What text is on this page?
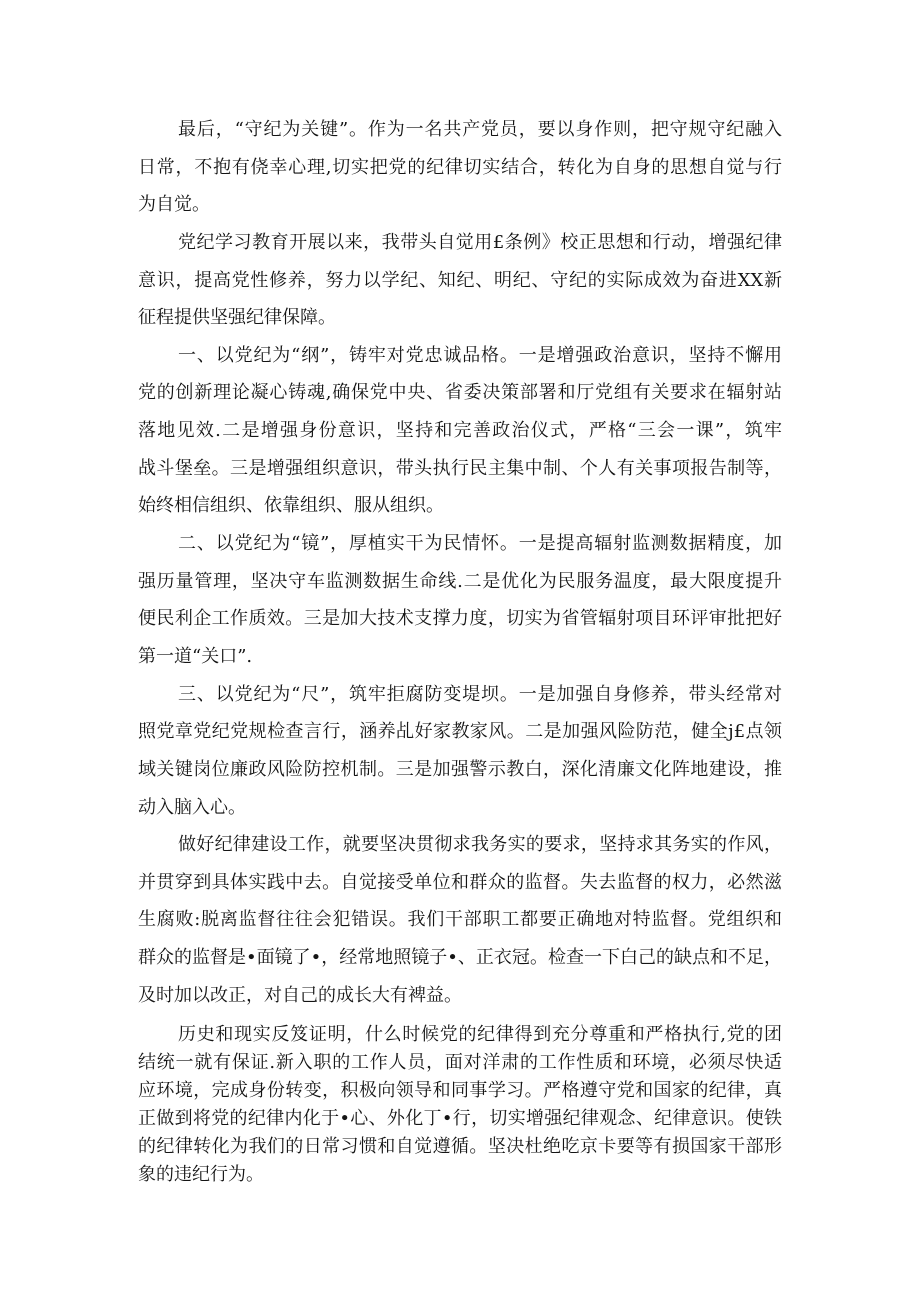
最后，“守纪为关键”。作为一名共产党员，要以身作则，把守规守纪融入
日常，不抱有侥幸心理,切实把党的纪律切实结合，转化为自身的思想自觉与行
为自觉。
党纪学习教育开展以来，我带头自觉用£条例》校正思想和行动，增强纪律
意识，提高党性修养，努力以学纪、知纪、明纪、守纪的实际成效为奋进XX新
征程提供坚强纪律保障。
一、以党纪为“纲”，铸牢对党忠诚品格。一是增强政治意识，坚持不懈用
党的创新理论凝心铸魂,确保党中央、省委决策部署和厅党组有关要求在辐射站
落地见效.二是增强身份意识，坚持和完善政治仪式，严格“三会一课”，筑牢
战斗堡垒。三是增强组织意识，带头执行民主集中制、个人有关事项报告制等，
始终相信组织、依靠组织、服从组织。
二、以党纪为“镜”，厚植实干为民情怀。一是提高辐射监测数据精度，加
强历量管理，坚决守车监测数据生命线.二是优化为民服务温度，最大限度提升
便民利企工作质效。三是加大技术支撑力度，切实为省管辐射项目环评审批把好
第一道“关口”.
三、以党纪为“尺”，筑牢拒腐防变堤坝。一是加强自身修养，带头经常对
照党章党纪党规检查言行，涵养乩好家教家风。二是加强风险防范，健全j£点领
域关键岗位廉政风险防控机制。三是加强警示教白，深化清廉文化阵地建设，推
动入脑入心。
做好纪律建设工作，就要坚决贯彻求我务实的要求，坚持求其务实的作风，
并贯穿到具体实践中去。自觉接受单位和群众的监督。失去监督的权力，必然滋
生腐败:脱离监督往往会犯错误。我们干部职工都要正确地对特监督。党组织和
群众的监督是•面镜了•，经常地照镜子•、正衣冠。检查一下白己的缺点和不足，
及时加以改正，对自己的成长大有裨益。
历史和现实反笈证明，什么时候党的纪律得到充分尊重和严格执行,党的团
结统一就有保证.新入职的工作人员，面对洋肃的工作性质和环境，必须尽快适
应环境，完成身份转变，积极向领导和同事学习。严格遵守党和国家的纪律，真
正做到将党的纪律内化于•心、外化丁•行，切实增强纪律观念、纪律意识。使铁
的纪律转化为我们的日常习惯和自觉遵循。坚决杜绝吃京卡要等有损国家干部形
象的违纪行为。
